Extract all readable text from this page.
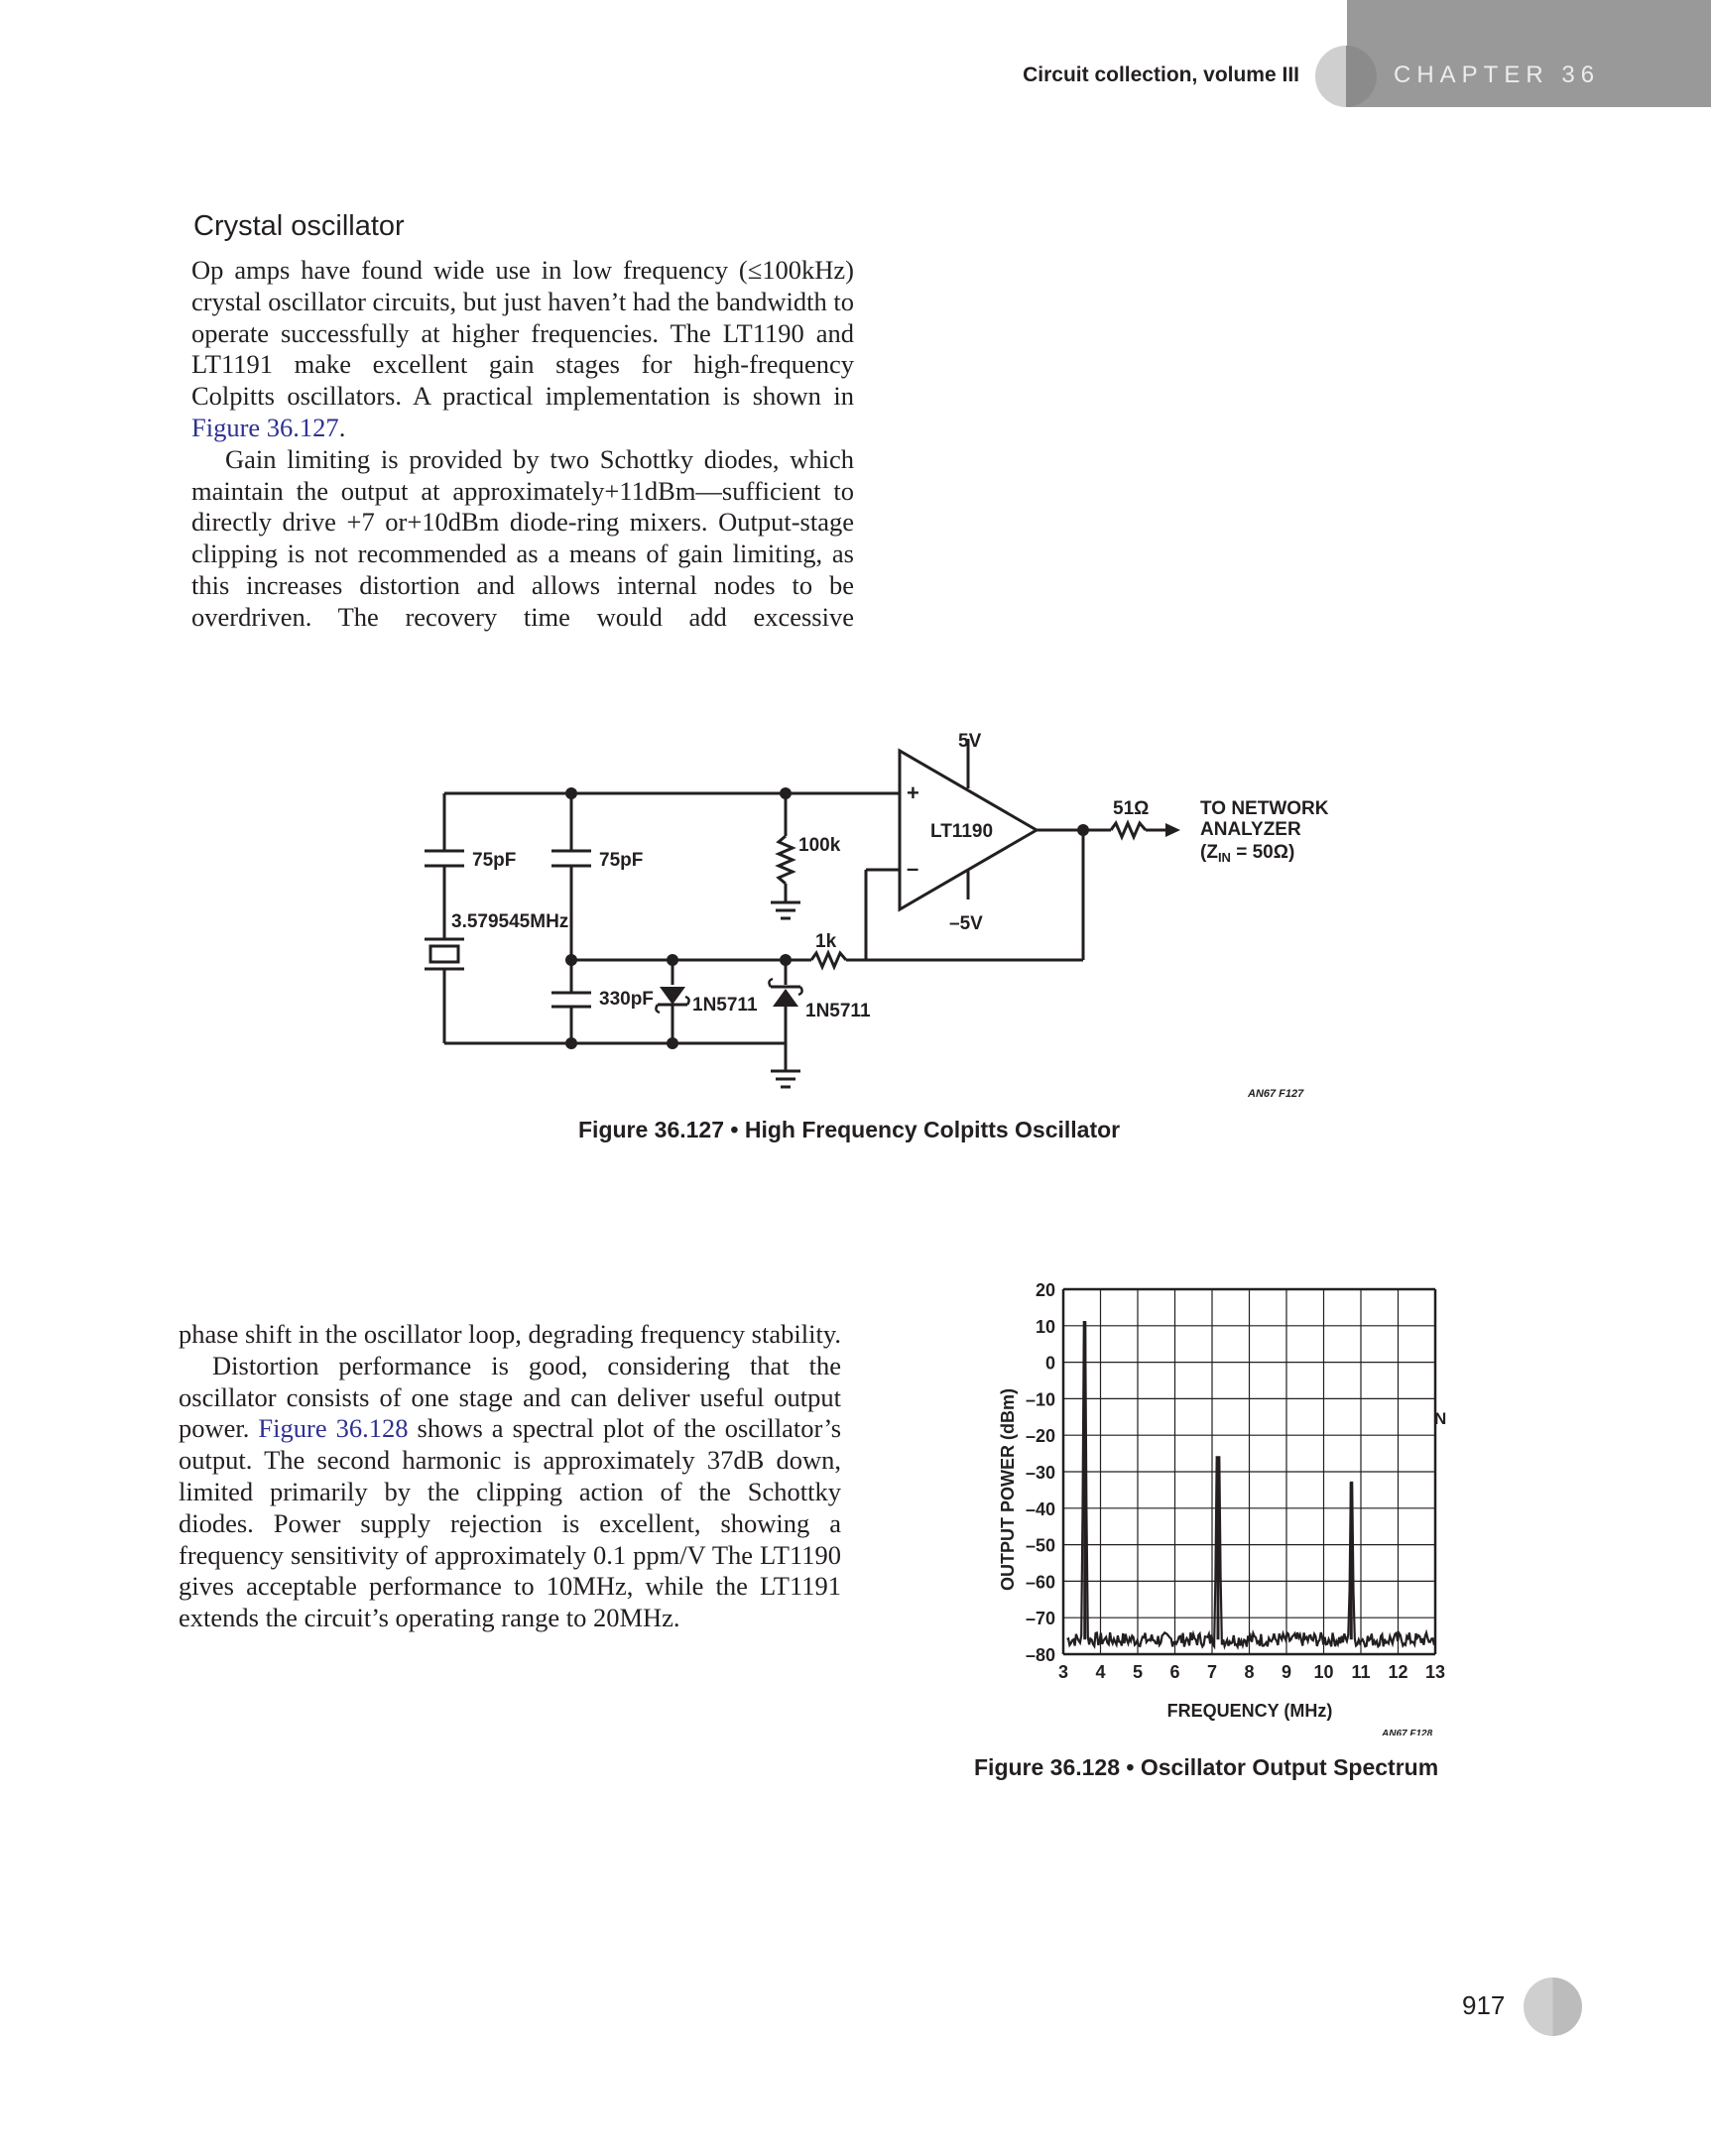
Circuit collection, volume III	CHAPTER 36
Crystal oscillator

Op amps have found wide use in low frequency (≤100kHz) crystal oscillator circuits, but just haven’t had the bandwidth to operate successfully at higher frequencies. The LT1190 and LT1191 make excellent gain stages for high-frequency Colpitts oscillators. A practical implementation is shown in Figure 36.127.

Gain limiting is provided by two Schottky diodes, which maintain the output at approximately+11dBm—sufficient to directly drive +7 or+10dBm diode-ring mixers. Output-stage clipping is not recommended as a means of gain limiting, as this increases distortion and allows internal nodes to be overdriven. The recovery time would add excessive

5V
–5V
LT1190
+
–
75pF	75pF
330pF
3.579545MHz
100k
1k
51Ω
1N5711	1N5711
TO NETWORK
ANALYZER
$(Z_{IN} = 50\Omega)$
AN67 F127
Figure 36.127 • High Frequency Colpitts Oscillator

phase shift in the oscillator loop, degrading frequency stability.

Distortion performance is good, considering that the oscillator consists of one stage and can deliver useful output power. Figure 36.128 shows a spectral plot of the oscillator’s output. The second harmonic is approximately 37dB down, limited primarily by the clipping action of the Schottky diodes. Power supply rejection is excellent, showing a frequency sensitivity of approximately 0.1 ppm/V The LT1190 gives acceptable performance to 10MHz, while the LT1191 extends the circuit’s operating range to 20MHz.

20
10
0
–10
–20
–30
–40
–50
–60
–70
–80
3 4 5 6 7 8 9 10 11 12 13
OUTPUT POWER (dBm)
FREQUENCY (MHz)
N
AN67 F128
Figure 36.128 • Oscillator Output Spectrum
917
